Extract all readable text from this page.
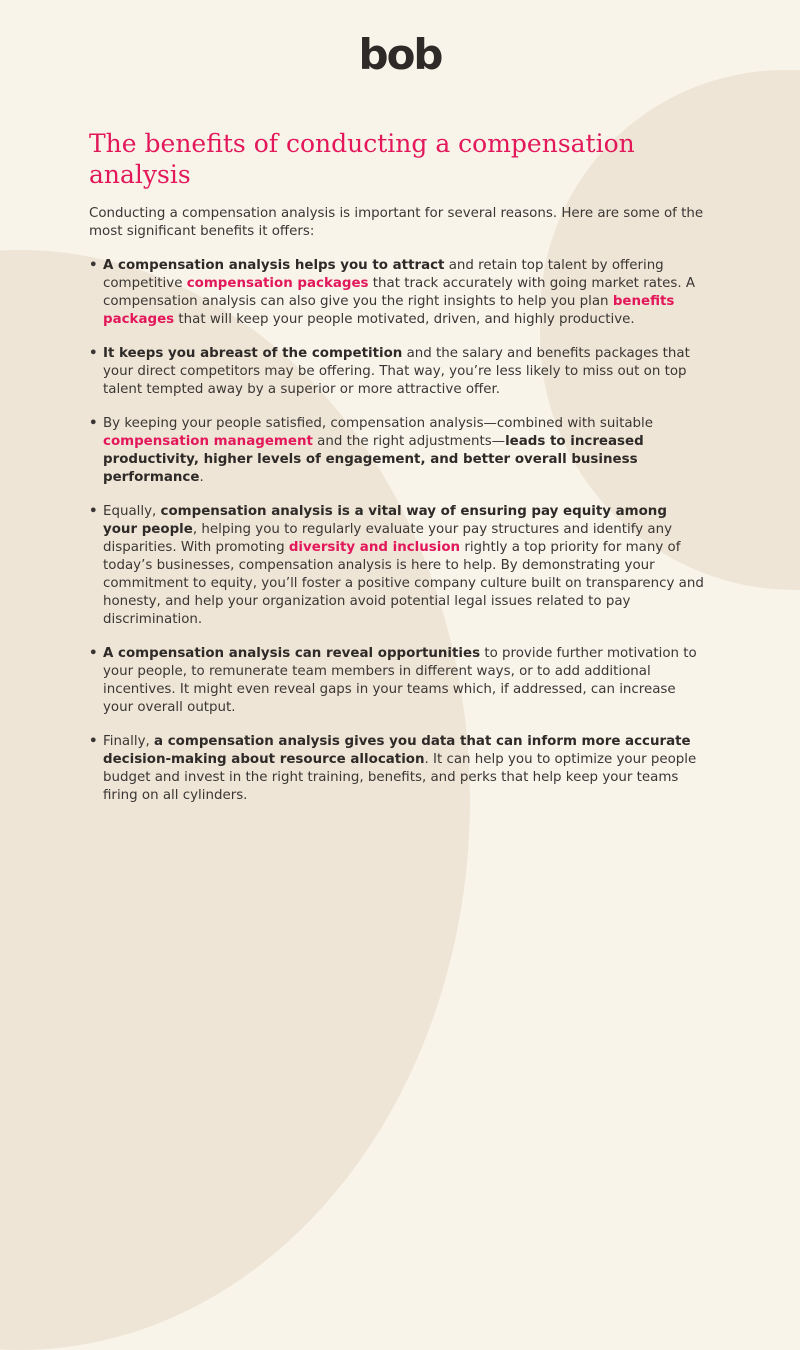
bob
The benefits of conducting a compensation analysis

Conducting a compensation analysis is important for several reasons. Here are some of the most significant benefits it offers:

• A compensation analysis helps you to attract and retain top talent by offering competitive compensation packages that track accurately with going market rates. A compensation analysis can also give you the right insights to help you plan benefits packages that will keep your people motivated, driven, and highly productive.
• It keeps you abreast of the competition and the salary and benefits packages that your direct competitors may be offering. That way, you’re less likely to miss out on top talent tempted away by a superior or more attractive offer.
• By keeping your people satisfied, compensation analysis—combined with suitable compensation management and the right adjustments—leads to increased productivity, higher levels of engagement, and better overall business performance.
• Equally, compensation analysis is a vital way of ensuring pay equity among your people, helping you to regularly evaluate your pay structures and identify any disparities. With promoting diversity and inclusion rightly a top priority for many of today’s businesses, compensation analysis is here to help. By demonstrating your commitment to equity, you’ll foster a positive company culture built on transparency and honesty, and help your organization avoid potential legal issues related to pay discrimination.
• A compensation analysis can reveal opportunities to provide further motivation to your people, to remunerate team members in different ways, or to add additional incentives. It might even reveal gaps in your teams which, if addressed, can increase your overall output.
• Finally, a compensation analysis gives you data that can inform more accurate decision-making about resource allocation. It can help you to optimize your people budget and invest in the right training, benefits, and perks that help keep your teams firing on all cylinders.
